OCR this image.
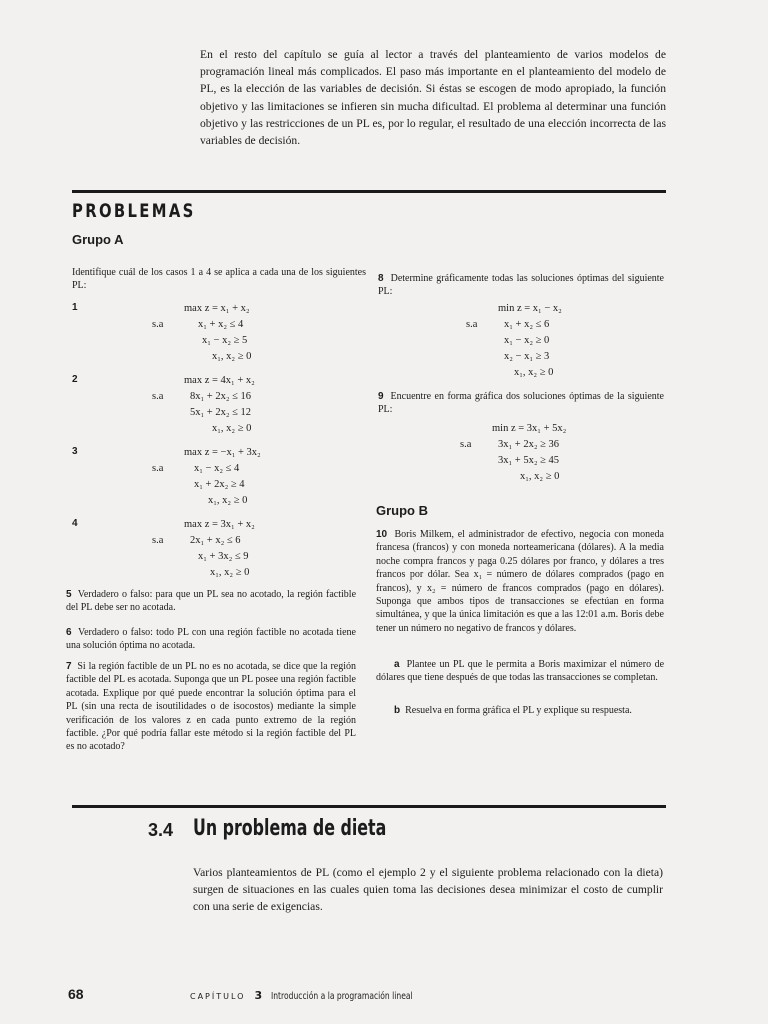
En el resto del capítulo se guía al lector a través del planteamiento de varios modelos de programación lineal más complicados. El paso más importante en el planteamiento del modelo de PL, es la elección de las variables de decisión. Si éstas se escogen de modo apropiado, la función objetivo y las limitaciones se infieren sin mucha dificultad. El problema al determinar una función objetivo y las restricciones de un PL es, por lo regular, el resultado de una elección incorrecta de las variables de decisión.
PROBLEMAS
Grupo A
Identifique cuál de los casos 1 a 4 se aplica a cada una de los siguientes PL:
1	max z = x₁ + x₂
s.a	x₁ + x₂ ≤ 4
x₁ − x₂ ≥ 5
x₁, x₂ ≥ 0
2	max z = 4x₁ + x₂
s.a	8x₁ + 2x₂ ≤ 16
5x₁ + 2x₂ ≤ 12
x₁, x₂ ≥ 0
3	max z = −x₁ + 3x₂
s.a	x₁ − x₂ ≤ 4
x₁ + 2x₂ ≥ 4
x₁, x₂ ≥ 0
4	max z = 3x₁ + x₂
s.a	2x₁ + x₂ ≤ 6
x₁ + 3x₂ ≤ 9
x₁, x₂ ≥ 0
5 Verdadero o falso: para que un PL sea no acotado, la región factible del PL debe ser no acotada.
6 Verdadero o falso: todo PL con una región factible no acotada tiene una solución óptima no acotada.
7 Si la región factible de un PL no es no acotada, se dice que la región factible del PL es acotada. Suponga que un PL posee una región factible acotada. Explique por qué puede encontrar la solución óptima para el PL (sin una recta de isoutilidades o de isocostos) mediante la simple verificación de los valores z en cada punto extremo de la región factible. ¿Por qué podría fallar este método si la región factible del PL es no acotado?
8 Determine gráficamente todas las soluciones óptimas del siguiente PL:
min z = x₁ − x₂
s.a	x₁ + x₂ ≤ 6
x₁ − x₂ ≥ 0
x₂ − x₁ ≥ 3
x₁, x₂ ≥ 0
9 Encuentre en forma gráfica dos soluciones óptimas de la siguiente PL:
min z = 3x₁ + 5x₂
s.a	3x₁ + 2x₂ ≥ 36
3x₁ + 5x₂ ≥ 45
x₁, x₂ ≥ 0
Grupo B
10 Boris Milkem, el administrador de efectivo, negocia con moneda francesa (francos) y con moneda norteamericana (dólares). A la media noche compra francos y paga 0.25 dólares por franco, y dólares a tres francos por dólar. Sea x₁ = número de dólares comprados (pago en francos), y x₂ = número de francos comprados (pago en dólares). Suponga que ambos tipos de transacciones se efectúan en forma simultánea, y que la única limitación es que a las 12:01 a.m. Boris debe tener un número no negativo de francos y dólares.
a Plantee un PL que le permita a Boris maximizar el número de dólares que tiene después de que todas las transacciones se completan.
b Resuelva en forma gráfica el PL y explique su respuesta.
3.4 Un problema de dieta
Varios planteamientos de PL (como el ejemplo 2 y el siguiente problema relacionado con la dieta) surgen de situaciones en las cuales quien toma las decisiones desea minimizar el costo de cumplir con una serie de exigencias.
68	CAPÍTULO 3 Introducción a la programación lineal
